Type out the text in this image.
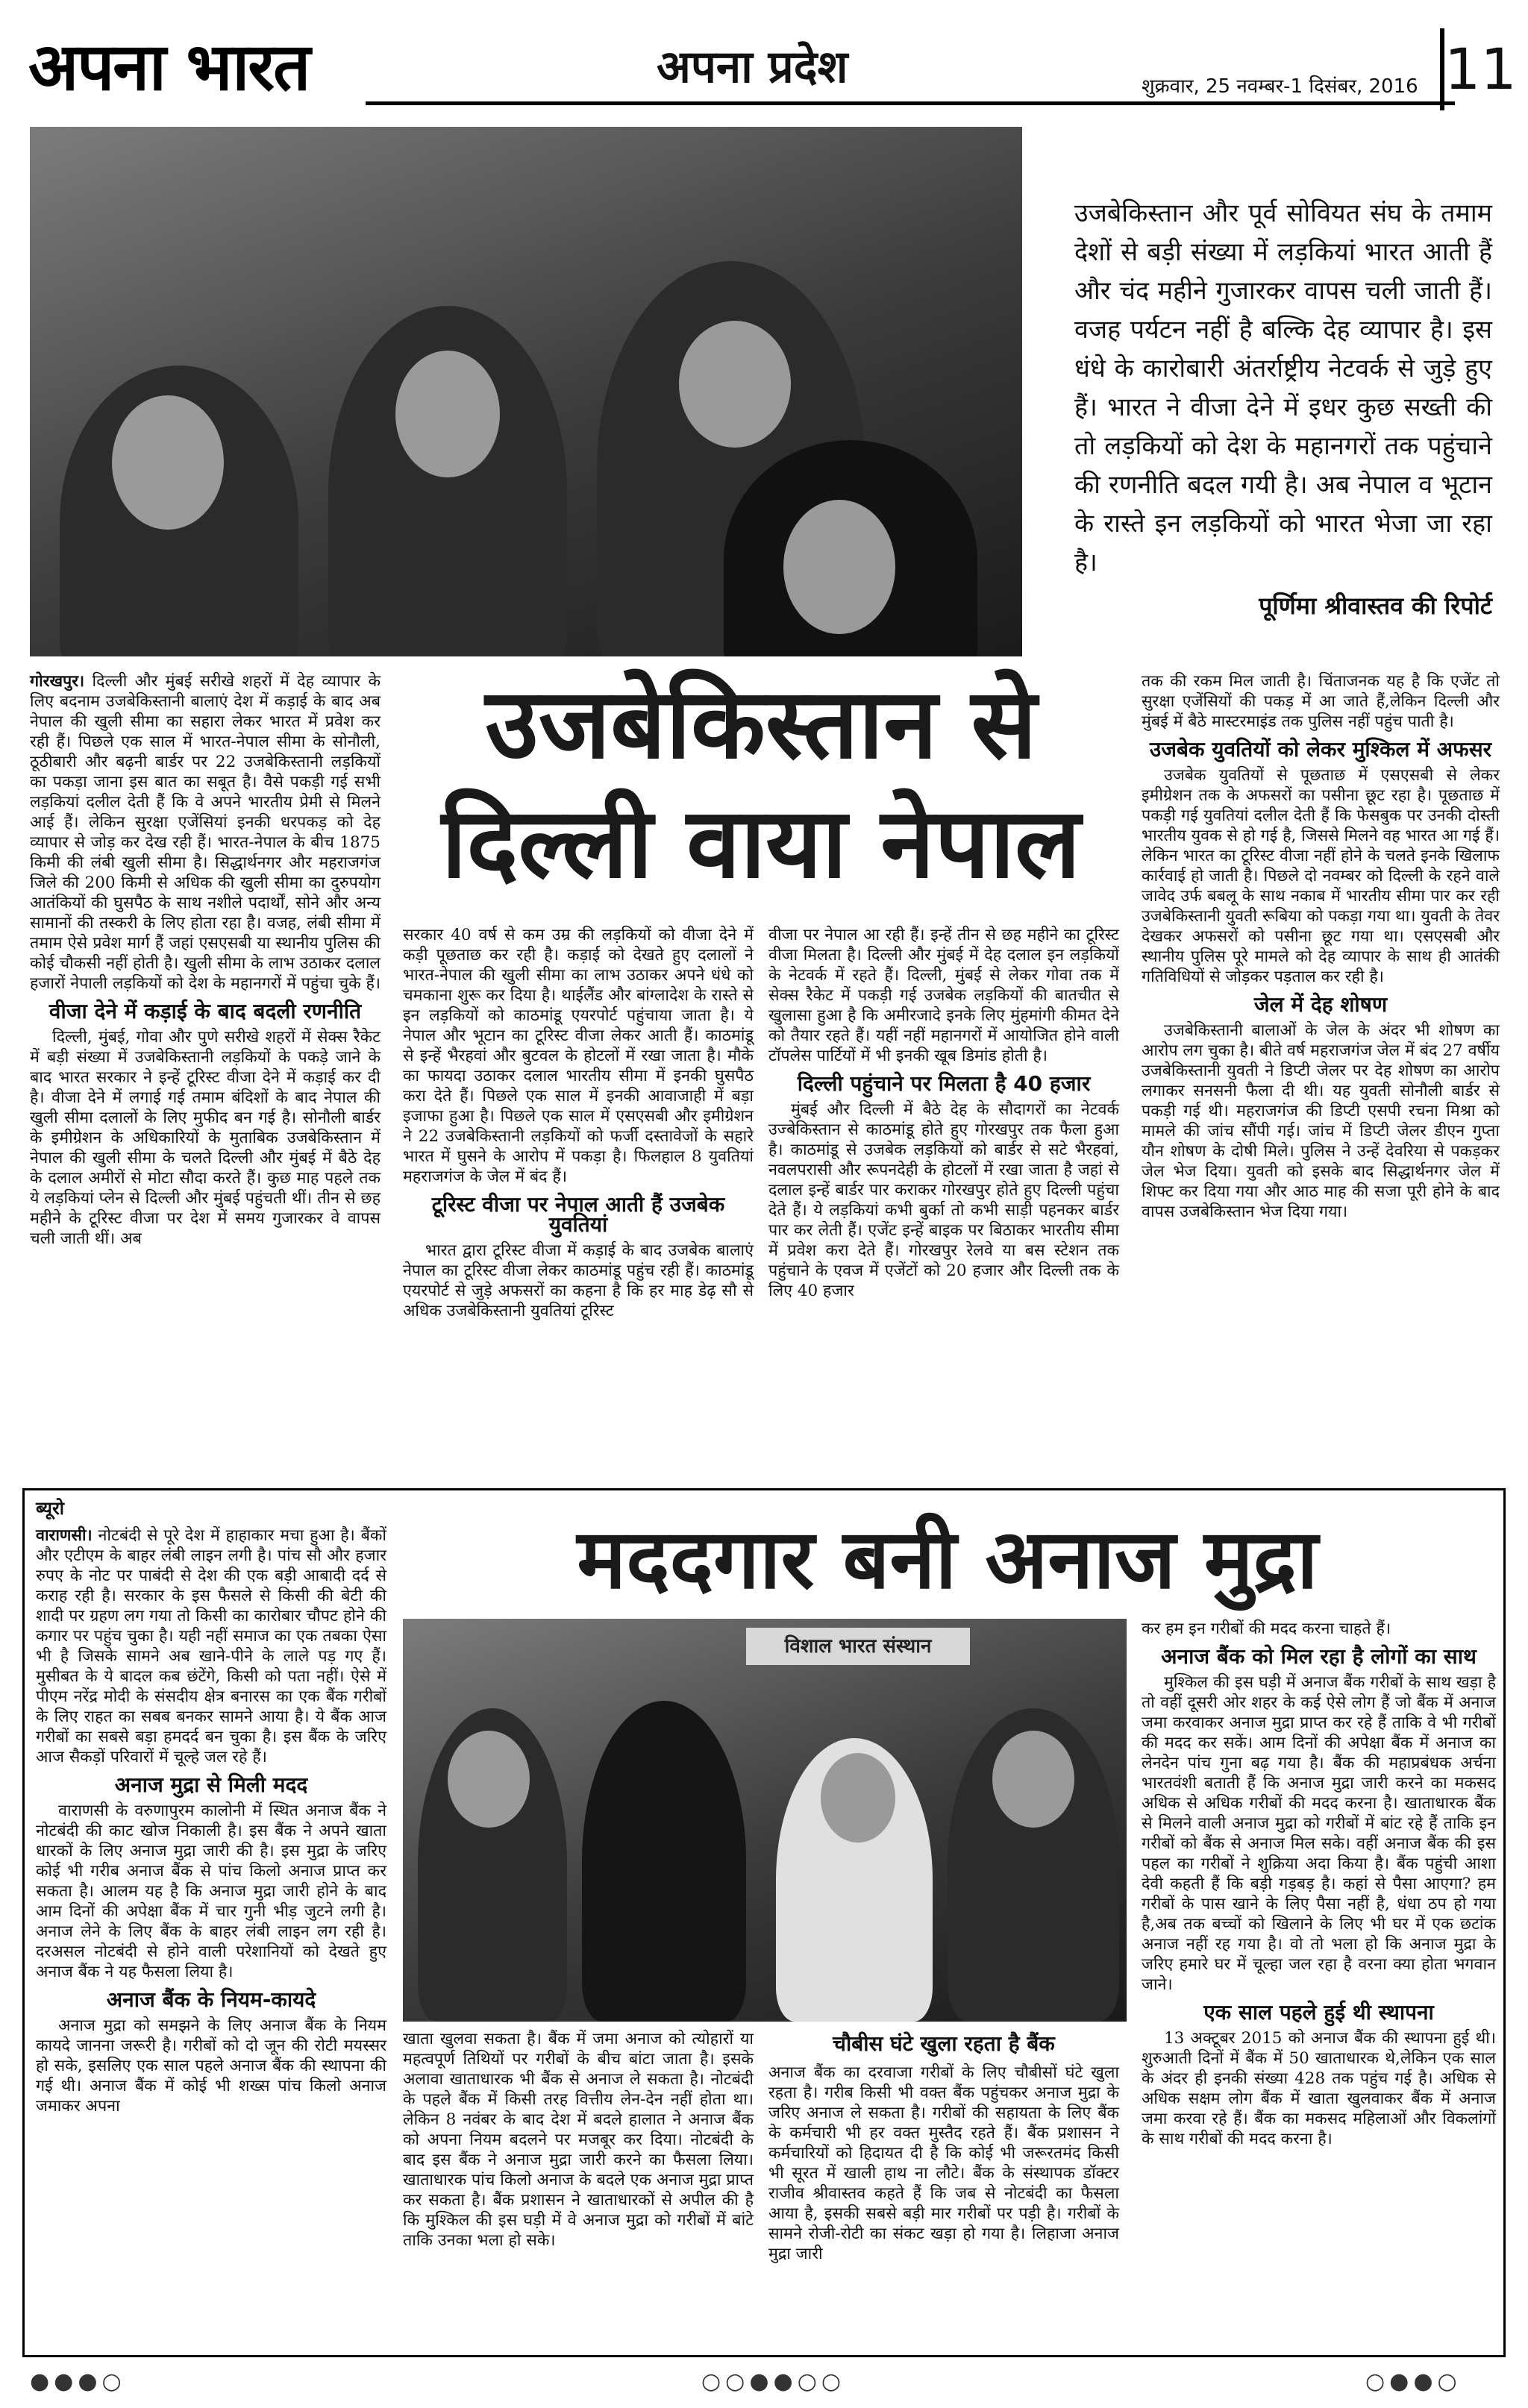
अपना भारत	अपना प्रदेश	शुक्रवार, 25 नवम्बर-1 दिसंबर, 2016 11
उजबेकिस्तान और पूर्व सोवियत संघ के तमाम देशों से बड़ी संख्या में लड़कियां भारत आती हैं और चंद महीने गुजारकर वापस चली जाती हैं। वजह पर्यटन नहीं है बल्कि देह व्यापार है। इस धंधे के कारोबारी अंतर्राष्ट्रीय नेटवर्क से जुड़े हुए हैं। भारत ने वीजा देने में इधर कुछ सख्ती की तो लड़कियों को देश के महानगरों तक पहुंचाने की रणनीति बदल गयी है। अब नेपाल व भूटान के रास्ते इन लड़कियों को भारत भेजा जा रहा है।
पूर्णिमा श्रीवास्तव की रिपोर्ट
उजबेकिस्तान से
दिल्ली वाया नेपाल

गोरखपुर। दिल्ली और मुंबई सरीखे शहरों में देह व्यापार के लिए बदनाम उजबेकिस्तानी बालाएं देश में कड़ाई के बाद अब नेपाल की खुली सीमा का सहारा लेकर भारत में प्रवेश कर रही हैं। पिछले एक साल में भारत-नेपाल सीमा के सोनौली, ठूठीबारी और बढ़नी बार्डर पर 22 उजबेकिस्तानी लड़कियों का पकड़ा जाना इस बात का सबूत है। वैसे पकड़ी गई सभी लड़कियां दलील देती हैं कि वे अपने भारतीय प्रेमी से मिलने आई हैं। लेकिन सुरक्षा एजेंसियां इनकी धरपकड़ को देह व्यापार से जोड़ कर देख रही हैं। भारत-नेपाल के बीच 1875 किमी की लंबी खुली सीमा है। सिद्धार्थनगर और महराजगंज जिले की 200 किमी से अधिक की खुली सीमा का दुरुपयोग आतंकियों की घुसपैठ के साथ नशीले पदार्थों, सोने और अन्य सामानों की तस्करी के लिए होता रहा है। वजह, लंबी सीमा में तमाम ऐसे प्रवेश मार्ग हैं जहां एसएसबी या स्थानीय पुलिस की कोई चौकसी नहीं होती है। खुली सीमा के लाभ उठाकर दलाल हजारों नेपाली लड़कियों को देश के महानगरों में पहुंचा चुके हैं।

वीजा देने में कड़ाई के बाद बदली रणनीति

दिल्ली, मुंबई, गोवा और पुणे सरीखे शहरों में सेक्स रैकेट में बड़ी संख्या में उजबेकिस्तानी लड़कियों के पकड़े जाने के बाद भारत सरकार ने इन्हें टूरिस्ट वीजा देने में कड़ाई कर दी है। वीजा देने में लगाई गई तमाम बंदिशों के बाद नेपाल की खुली सीमा दलालों के लिए मुफीद बन गई है। सोनौली बार्डर के इमीग्रेशन के अधिकारियों के मुताबिक उजबेकिस्तान में नेपाल की खुली सीमा के चलते दिल्ली और मुंबई में बैठे देह के दलाल अमीरों से मोटा सौदा करते हैं। कुछ माह पहले तक ये लड़कियां प्लेन से दिल्ली और मुंबई पहुंचती थीं। तीन से छह महीने के टूरिस्ट वीजा पर देश में समय गुजारकर वे वापस चली जाती थीं। अब

सरकार 40 वर्ष से कम उम्र की लड़कियों को वीजा देने में कड़ी पूछताछ कर रही है। कड़ाई को देखते हुए दलालों ने भारत-नेपाल की खुली सीमा का लाभ उठाकर अपने धंधे को चमकाना शुरू कर दिया है। थाईलैंड और बांग्लादेश के रास्ते से इन लड़कियों को काठमांडू एयरपोर्ट पहुंचाया जाता है। ये नेपाल और भूटान का टूरिस्ट वीजा लेकर आती हैं। काठमांडू से इन्हें भैरहवां और बुटवल के होटलों में रखा जाता है। मौके का फायदा उठाकर दलाल भारतीय सीमा में इनकी घुसपैठ करा देते हैं। पिछले एक साल में इनकी आवाजाही में बड़ा इजाफा हुआ है। पिछले एक साल में एसएसबी और इमीग्रेशन ने 22 उजबेकिस्तानी लड़कियों को फर्जी दस्तावेजों के सहारे भारत में घुसने के आरोप में पकड़ा है। फिलहाल 8 युवतियां महराजगंज के जेल में बंद हैं।

टूरिस्ट वीजा पर नेपाल आती हैं उजबेक युवतियां

भारत द्वारा टूरिस्ट वीजा में कड़ाई के बाद उजबेक बालाएं नेपाल का टूरिस्ट वीजा लेकर काठमांडू पहुंच रही हैं। काठमांडू एयरपोर्ट से जुड़े अफसरों का कहना है कि हर माह डेढ़ सौ से अधिक उजबेकिस्तानी युवतियां टूरिस्ट

वीजा पर नेपाल आ रही हैं। इन्हें तीन से छह महीने का टूरिस्ट वीजा मिलता है। दिल्ली और मुंबई में देह दलाल इन लड़कियों के नेटवर्क में रहते हैं। दिल्ली, मुंबई से लेकर गोवा तक में सेक्स रैकेट में पकड़ी गई उजबेक लड़कियों की बातचीत से खुलासा हुआ है कि अमीरजादे इनके लिए मुंहमांगी कीमत देने को तैयार रहते हैं। यहीं नहीं महानगरों में आयोजित होने वाली टॉपलेस पार्टियों में भी इनकी खूब डिमांड होती है।

दिल्ली पहुंचाने पर मिलता है 40 हजार

मुंबई और दिल्ली में बैठे देह के सौदागरों का नेटवर्क उज्बेकिस्तान से काठमांडू होते हुए गोरखपुर तक फैला हुआ है। काठमांडू से उजबेक लड़कियों को बार्डर से सटे भैरहवां, नवलपरासी और रूपनदेही के होटलों में रखा जाता है जहां से दलाल इन्हें बार्डर पार कराकर गोरखपुर होते हुए दिल्ली पहुंचा देते हैं। ये लड़कियां कभी बुर्का तो कभी साड़ी पहनकर बार्डर पार कर लेती हैं। एजेंट इन्हें बाइक पर बिठाकर भारतीय सीमा में प्रवेश करा देते हैं। गोरखपुर रेलवे या बस स्टेशन तक पहुंचाने के एवज में एजेंटों को 20 हजार और दिल्ली तक के लिए 40 हजार

तक की रकम मिल जाती है। चिंताजनक यह है कि एजेंट तो सुरक्षा एजेंसियों की पकड़ में आ जाते हैं,लेकिन दिल्ली और मुंबई में बैठे मास्टरमाइंड तक पुलिस नहीं पहुंच पाती है।

उजबेक युवतियों को लेकर मुश्किल में अफसर

उजबेक युवतियों से पूछताछ में एसएसबी से लेकर इमीग्रेशन तक के अफसरों का पसीना छूट रहा है। पूछताछ में पकड़ी गई युवतियां दलील देती हैं कि फेसबुक पर उनकी दोस्ती भारतीय युवक से हो गई है, जिससे मिलने वह भारत आ गई हैं। लेकिन भारत का टूरिस्ट वीजा नहीं होने के चलते इनके खिलाफ कार्रवाई हो जाती है। पिछले दो नवम्बर को दिल्ली के रहने वाले जावेद उर्फ बबलू के साथ नकाब में भारतीय सीमा पार कर रही उजबेकिस्तानी युवती रूबिया को पकड़ा गया था। युवती के तेवर देखकर अफसरों को पसीना छूट गया था। एसएसबी और स्थानीय पुलिस पूरे मामले को देह व्यापार के साथ ही आतंकी गतिविधियों से जोड़कर पड़ताल कर रही है।

जेल में देह शोषण

उजबेकिस्तानी बालाओं के जेल के अंदर भी शोषण का आरोप लग चुका है। बीते वर्ष महराजगंज जेल में बंद 27 वर्षीय उजबेकिस्तानी युवती ने डिप्टी जेलर पर देह शोषण का आरोप लगाकर सनसनी फैला दी थी। यह युवती सोनौली बार्डर से पकड़ी गई थी। महराजगंज की डिप्टी एसपी रचना मिश्रा को मामले की जांच सौंपी गई। जांच में डिप्टी जेलर डीएन गुप्ता यौन शोषण के दोषी मिले। पुलिस ने उन्हें देवरिया से पकड़कर जेल भेज दिया। युवती को इसके बाद सिद्धार्थनगर जेल में शिफ्ट कर दिया गया और आठ माह की सजा पूरी होने के बाद वापस उजबेकिस्तान भेज दिया गया।

ब्यूरो
मददगार बनी अनाज मुद्रा
विशाल भारत संस्थान
चौबीस घंटे खुला रहता है बैंक

वाराणसी। नोटबंदी से पूरे देश में हाहाकार मचा हुआ है। बैंकों और एटीएम के बाहर लंबी लाइन लगी है। पांच सौ और हजार रुपए के नोट पर पाबंदी से देश की एक बड़ी आबादी दर्द से कराह रही है। सरकार के इस फैसले से किसी की बेटी की शादी पर ग्रहण लग गया तो किसी का कारोबार चौपट होने की कगार पर पहुंच चुका है। यही नहीं समाज का एक तबका ऐसा भी है जिसके सामने अब खाने-पीने के लाले पड़ गए हैं। मुसीबत के ये बादल कब छंटेंगे, किसी को पता नहीं। ऐसे में पीएम नरेंद्र मोदी के संसदीय क्षेत्र बनारस का एक बैंक गरीबों के लिए राहत का सबब बनकर सामने आया है। ये बैंक आज गरीबों का सबसे बड़ा हमदर्द बन चुका है। इस बैंक के जरिए आज सैकड़ों परिवारों में चूल्हे जल रहे हैं।

अनाज मुद्रा से मिली मदद

वाराणसी के वरुणापुरम कालोनी में स्थित अनाज बैंक ने नोटबंदी की काट खोज निकाली है। इस बैंक ने अपने खाता धारकों के लिए अनाज मुद्रा जारी की है। इस मुद्रा के जरिए कोई भी गरीब अनाज बैंक से पांच किलो अनाज प्राप्त कर सकता है। आलम यह है कि अनाज मुद्रा जारी होने के बाद आम दिनों की अपेक्षा बैंक में चार गुनी भीड़ जुटने लगी है। अनाज लेने के लिए बैंक के बाहर लंबी लाइन लग रही है। दरअसल नोटबंदी से होने वाली परेशानियों को देखते हुए अनाज बैंक ने यह फैसला लिया है।

अनाज बैंक के नियम-कायदे

अनाज मुद्रा को समझने के लिए अनाज बैंक के नियम कायदे जानना जरूरी है। गरीबों को दो जून की रोटी मयस्सर हो सके, इसलिए एक साल पहले अनाज बैंक की स्थापना की गई थी। अनाज बैंक में कोई भी शख्स पांच किलो अनाज जमाकर अपना

खाता खुलवा सकता है। बैंक में जमा अनाज को त्योहारों या महत्वपूर्ण तिथियों पर गरीबों के बीच बांटा जाता है। इसके अलावा खाताधारक भी बैंक से अनाज ले सकता है। नोटबंदी के पहले बैंक में किसी तरह वित्तीय लेन-देन नहीं होता था। लेकिन 8 नवंबर के बाद देश में बदले हालात ने अनाज बैंक को अपना नियम बदलने पर मजबूर कर दिया। नोटबंदी के बाद इस बैंक ने अनाज मुद्रा जारी करने का फैसला लिया। खाताधारक पांच किलो अनाज के बदले एक अनाज मुद्रा प्राप्त कर सकता है। बैंक प्रशासन ने खाताधारकों से अपील की है कि मुश्किल की इस घड़ी में वे अनाज मुद्रा को गरीबों में बांटे ताकि उनका भला हो सके।

अनाज बैंक का दरवाजा गरीबों के लिए चौबीसों घंटे खुला रहता है। गरीब किसी भी वक्त बैंक पहुंचकर अनाज मुद्रा के जरिए अनाज ले सकता है। गरीबों की सहायता के लिए बैंक के कर्मचारी भी हर वक्त मुस्तैद रहते हैं। बैंक प्रशासन ने कर्मचारियों को हिदायत दी है कि कोई भी जरूरतमंद किसी भी सूरत में खाली हाथ ना लौटे। बैंक के संस्थापक डॉक्टर राजीव श्रीवास्तव कहते हैं कि जब से नोटबंदी का फैसला आया है, इसकी सबसे बड़ी मार गरीबों पर पड़ी है। गरीबों के सामने रोजी-रोटी का संकट खड़ा हो गया है। लिहाजा अनाज मुद्रा जारी

कर हम इन गरीबों की मदद करना चाहते हैं।

अनाज बैंक को मिल रहा है लोगों का साथ

मुश्किल की इस घड़ी में अनाज बैंक गरीबों के साथ खड़ा है तो वहीं दूसरी ओर शहर के कई ऐसे लोग हैं जो बैंक में अनाज जमा करवाकर अनाज मुद्रा प्राप्त कर रहे हैं ताकि वे भी गरीबों की मदद कर सकें। आम दिनों की अपेक्षा बैंक में अनाज का लेनदेन पांच गुना बढ़ गया है। बैंक की महाप्रबंधक अर्चना भारतवंशी बताती हैं कि अनाज मुद्रा जारी करने का मकसद अधिक से अधिक गरीबों की मदद करना है। खाताधारक बैंक से मिलने वाली अनाज मुद्रा को गरीबों में बांट रहे हैं ताकि इन गरीबों को बैंक से अनाज मिल सके। वहीं अनाज बैंक की इस पहल का गरीबों ने शुक्रिया अदा किया है। बैंक पहुंची आशा देवी कहती हैं कि बड़ी गड़बड़ है। कहां से पैसा आएगा? हम गरीबों के पास खाने के लिए पैसा नहीं है, धंधा ठप हो गया है,अब तक बच्चों को खिलाने के लिए भी घर में एक छटांक अनाज नहीं रह गया है। वो तो भला हो कि अनाज मुद्रा के जरिए हमारे घर में चूल्हा जल रहा है वरना क्या होता भगवान जाने।

एक साल पहले हुई थी स्थापना

13 अक्टूबर 2015 को अनाज बैंक की स्थापना हुई थी। शुरुआती दिनों में बैंक में 50 खाताधारक थे,लेकिन एक साल के अंदर ही इनकी संख्या 428 तक पहुंच गई है। अधिक से अधिक सक्षम लोग बैंक में खाता खुलवाकर बैंक में अनाज जमा करवा रहे हैं। बैंक का मकसद महिलाओं और विकलांगों के साथ गरीबों की मदद करना है।

●●●○	○○●●○○	○●●○
